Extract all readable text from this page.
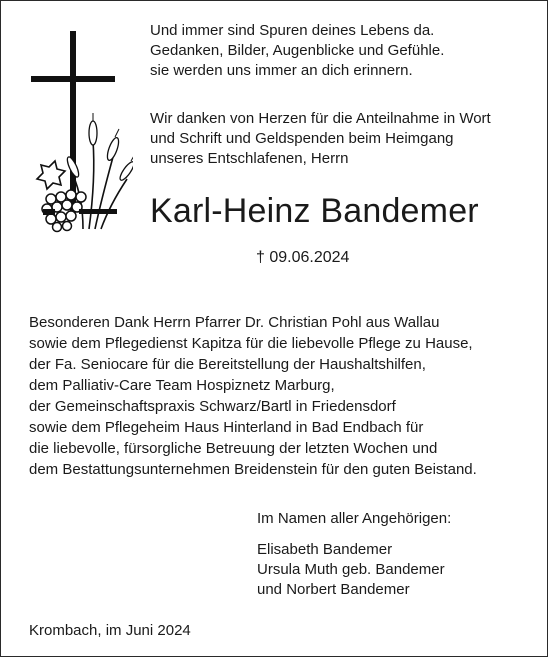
Und immer sind Spuren deines Lebens da.
Gedanken, Bilder, Augenblicke und Gefühle.
sie werden uns immer an dich erinnern.
Wir danken von Herzen für die Anteilnahme in Wort
und Schrift und Geldspenden beim Heimgang
unseres Entschlafenen, Herrn
Karl-Heinz Bandemer
† 09.06.2024
Besonderen Dank Herrn Pfarrer Dr. Christian Pohl aus Wallau
sowie dem Pflegedienst Kapitza für die liebevolle Pflege zu Hause,
der Fa. Seniocare für die Bereitstellung der Haushaltshilfen,
dem Palliativ-Care Team Hospiznetz Marburg,
der Gemeinschaftspraxis Schwarz/Bartl in Friedensdorf
sowie dem Pflegeheim Haus Hinterland in Bad Endbach für
die liebevolle, fürsorgliche Betreuung der letzten Wochen und
dem Bestattungsunternehmen Breidenstein für den guten Beistand.
Im Namen aller Angehörigen:
Elisabeth Bandemer
Ursula Muth geb. Bandemer
und Norbert Bandemer
Krombach, im Juni 2024
